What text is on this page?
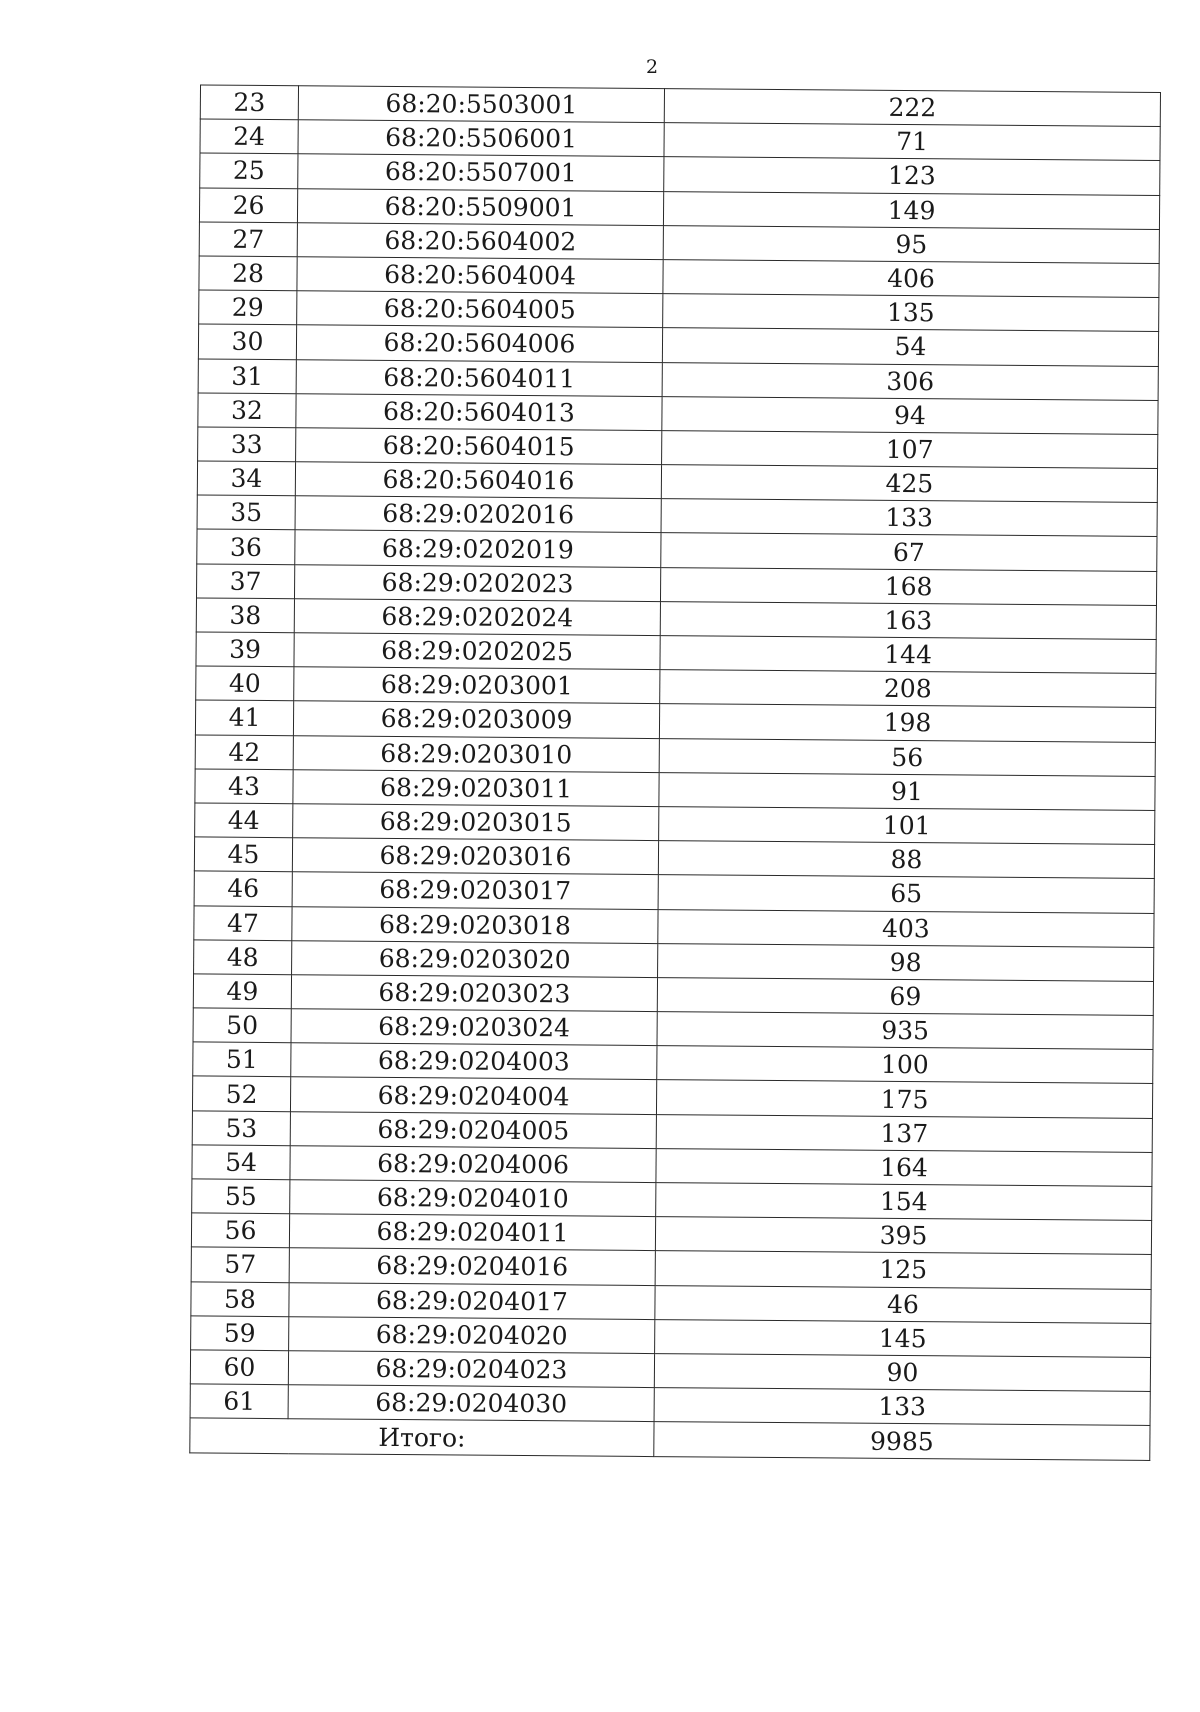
2
23	68:20:5503001	222
24	68:20:5506001	71
25	68:20:5507001	123
26	68:20:5509001	149
27	68:20:5604002	95
28	68:20:5604004	406
29	68:20:5604005	135
30	68:20:5604006	54
31	68:20:5604011	306
32	68:20:5604013	94
33	68:20:5604015	107
34	68:20:5604016	425
35	68:29:0202016	133
36	68:29:0202019	67
37	68:29:0202023	168
38	68:29:0202024	163
39	68:29:0202025	144
40	68:29:0203001	208
41	68:29:0203009	198
42	68:29:0203010	56
43	68:29:0203011	91
44	68:29:0203015	101
45	68:29:0203016	88
46	68:29:0203017	65
47	68:29:0203018	403
48	68:29:0203020	98
49	68:29:0203023	69
50	68:29:0203024	935
51	68:29:0204003	100
52	68:29:0204004	175
53	68:29:0204005	137
54	68:29:0204006	164
55	68:29:0204010	154
56	68:29:0204011	395
57	68:29:0204016	125
58	68:29:0204017	46
59	68:29:0204020	145
60	68:29:0204023	90
61	68:29:0204030	133
Итого:		9985
